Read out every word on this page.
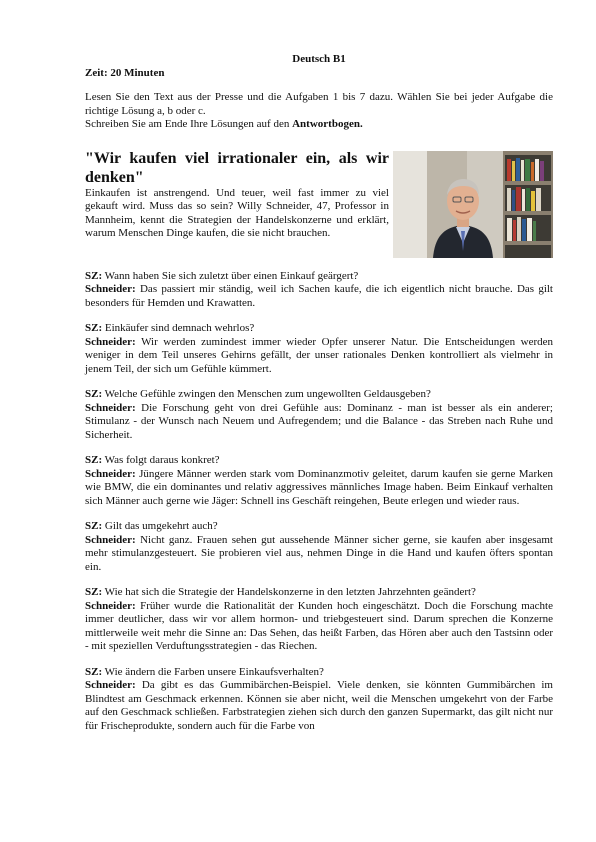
Deutsch B1
Zeit: 20 Minuten
Lesen Sie den Text aus der Presse und die Aufgaben 1 bis 7 dazu. Wählen Sie bei jeder Aufgabe die richtige Lösung a, b oder c.
Schreiben Sie am Ende Ihre Lösungen auf den Antwortbogen.
"Wir kaufen viel irrationaler ein, als wir denken"

Einkaufen ist anstrengend. Und teuer, weil fast immer zu viel gekauft wird. Muss das so sein? Willy Schneider, 47, Professor in Mannheim, kennt die Strategien der Handelskonzerne und erklärt, warum Menschen Dinge kaufen, die sie nicht brauchen.

SZ: Wann haben Sie sich zuletzt über einen Einkauf geärgert?

Schneider: Das passiert mir ständig, weil ich Sachen kaufe, die ich eigentlich nicht brauche. Das gilt besonders für Hemden und Krawatten.

SZ: Einkäufer sind demnach wehrlos?

Schneider: Wir werden zumindest immer wieder Opfer unserer Natur. Die Entscheidungen werden weniger in dem Teil unseres Gehirns gefällt, der unser rationales Denken kontrolliert als vielmehr in jenem Teil, der sich um Gefühle kümmert.

SZ: Welche Gefühle zwingen den Menschen zum ungewollten Geldausgeben?

Schneider: Die Forschung geht von drei Gefühle aus: Dominanz - man ist besser als ein anderer; Stimulanz - der Wunsch nach Neuem und Aufregendem; und die Balance - das Streben nach Ruhe und Sicherheit.

SZ: Was folgt daraus konkret?

Schneider: Jüngere Männer werden stark vom Dominanzmotiv geleitet, darum kaufen sie gerne Marken wie BMW, die ein dominantes und relativ aggressives männliches Image haben. Beim Einkauf verhalten sich Männer auch gerne wie Jäger: Schnell ins Geschäft reingehen, Beute erlegen und wieder raus.

SZ: Gilt das umgekehrt auch?

Schneider: Nicht ganz. Frauen sehen gut aussehende Männer sicher gerne, sie kaufen aber insgesamt mehr stimulanzgesteuert. Sie probieren viel aus, nehmen Dinge in die Hand und kaufen öfters spontan ein.

SZ: Wie hat sich die Strategie der Handelskonzerne in den letzten Jahrzehnten geändert?

Schneider: Früher wurde die Rationalität der Kunden hoch eingeschätzt. Doch die Forschung machte immer deutlicher, dass wir vor allem hormon- und triebgesteuert sind. Darum sprechen die Konzerne mittlerweile weit mehr die Sinne an: Das Sehen, das heißt Farben, das Hören aber auch den Tastsinn oder - mit speziellen Verduftungsstrategien - das Riechen.

SZ: Wie ändern die Farben unsere Einkaufsverhalten?

Schneider: Da gibt es das Gummibärchen-Beispiel. Viele denken, sie könnten Gummibärchen im Blindtest am Geschmack erkennen. Können sie aber nicht, weil die Menschen umgekehrt von der Farbe auf den Geschmack schließen. Farbstrategien ziehen sich durch den ganzen Supermarkt, das gilt nicht nur für Frischeprodukte, sondern auch für die Farbe von
